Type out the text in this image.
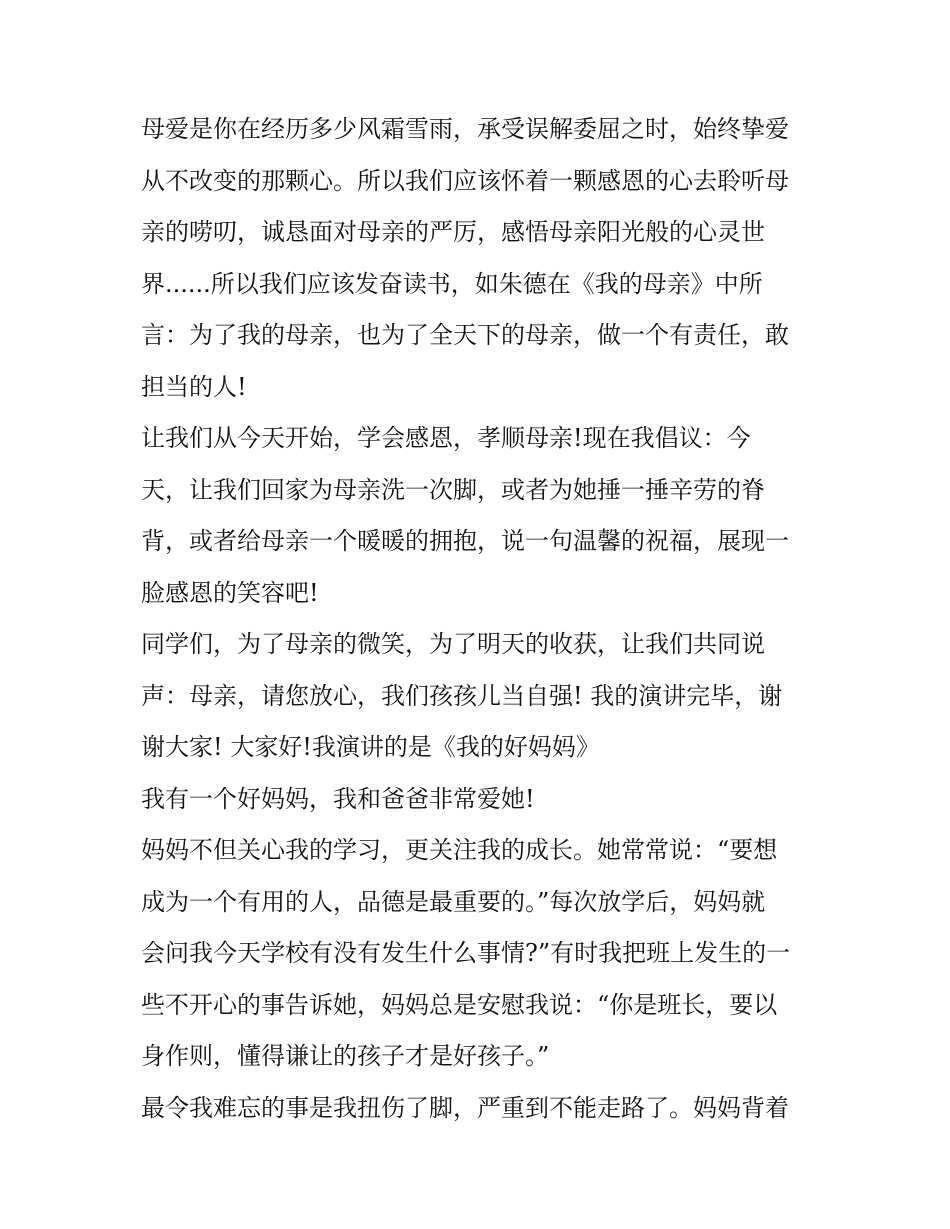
母爱是你在经历多少风霜雪雨，承受误解委屈之时，始终挚爱
从不改变的那颗心。所以我们应该怀着一颗感恩的心去聆听母
亲的唠叨，诚恳面对母亲的严厉，感悟母亲阳光般的心灵世
界......所以我们应该发奋读书，如朱德在《我的母亲》中所
言：为了我的母亲，也为了全天下的母亲，做一个有责任，敢
担当的人!
让我们从今天开始，学会感恩，孝顺母亲!现在我倡议：今
天，让我们回家为母亲洗一次脚，或者为她捶一捶辛劳的脊
背，或者给母亲一个暖暖的拥抱，说一句温馨的祝福，展现一
脸感恩的笑容吧!
同学们，为了母亲的微笑，为了明天的收获，让我们共同说
声：母亲，请您放心，我们孩孩儿当自强! 我的演讲完毕，谢
谢大家! 大家好!我演讲的是《我的好妈妈》
我有一个好妈妈，我和爸爸非常爱她!
妈妈不但关心我的学习，更关注我的成长。她常常说：“要想
成为一个有用的人，品德是最重要的。”每次放学后，妈妈就
会问我今天学校有没有发生什么事情?”有时我把班上发生的一
些不开心的事告诉她，妈妈总是安慰我说：“你是班长，要以
身作则，懂得谦让的孩子才是好孩子。”
最令我难忘的事是我扭伤了脚，严重到不能走路了。妈妈背着
